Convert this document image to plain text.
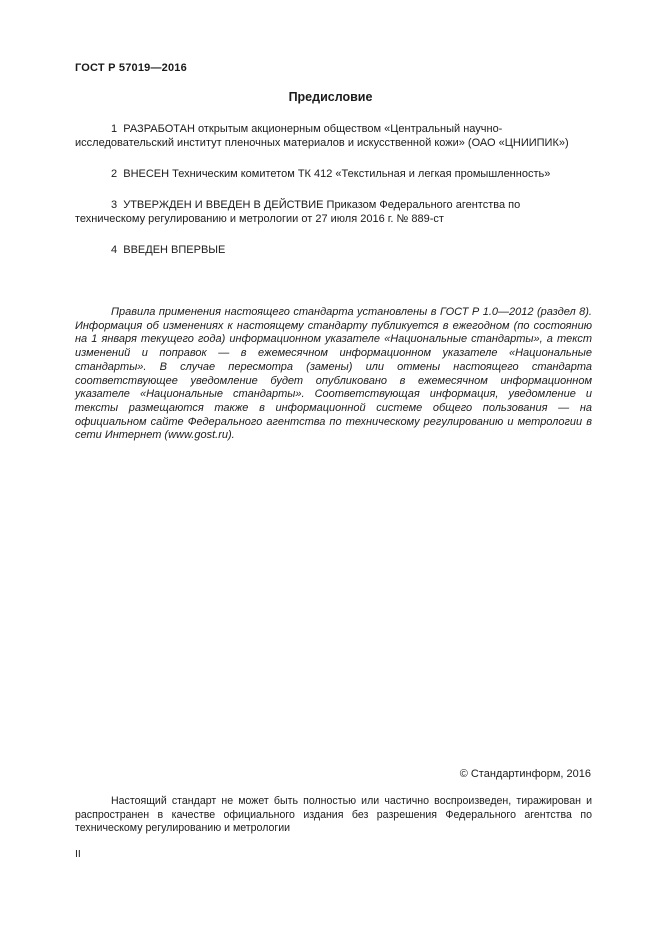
ГОСТ Р 57019—2016
Предисловие

1  РАЗРАБОТАН открытым акционерным обществом «Центральный научно-исследовательский институт пленочных материалов и искусственной кожи» (ОАО «ЦНИИПИК»)

2  ВНЕСЕН Техническим комитетом ТК 412 «Текстильная и легкая промышленность»

3  УТВЕРЖДЕН И ВВЕДЕН В ДЕЙСТВИЕ Приказом Федерального агентства по техническому регулированию и метрологии от 27 июля 2016 г. № 889-ст

4  ВВЕДЕН ВПЕРВЫЕ

Правила применения настоящего стандарта установлены в ГОСТ Р 1.0—2012 (раздел 8). Информация об изменениях к настоящему стандарту публикуется в ежегодном (по состоянию на 1 января текущего года) информационном указателе «Национальные стандарты», а текст изменений и поправок — в ежемесячном информационном указателе «Национальные стандарты». В случае пересмотра (замены) или отмены настоящего стандарта соответствующее уведомление будет опубликовано в ежемесячном информационном указателе «Национальные стандарты». Соответствующая информация, уведомление и тексты размещаются также в информационной системе общего пользования — на официальном сайте Федерального агентства по техническому регулированию и метрологии в сети Интернет (www.gost.ru).

© Стандартинформ, 2016

Настоящий стандарт не может быть полностью или частично воспроизведен, тиражирован и распространен в качестве официального издания без разрешения Федерального агентства по техническому регулированию и метрологии

II
